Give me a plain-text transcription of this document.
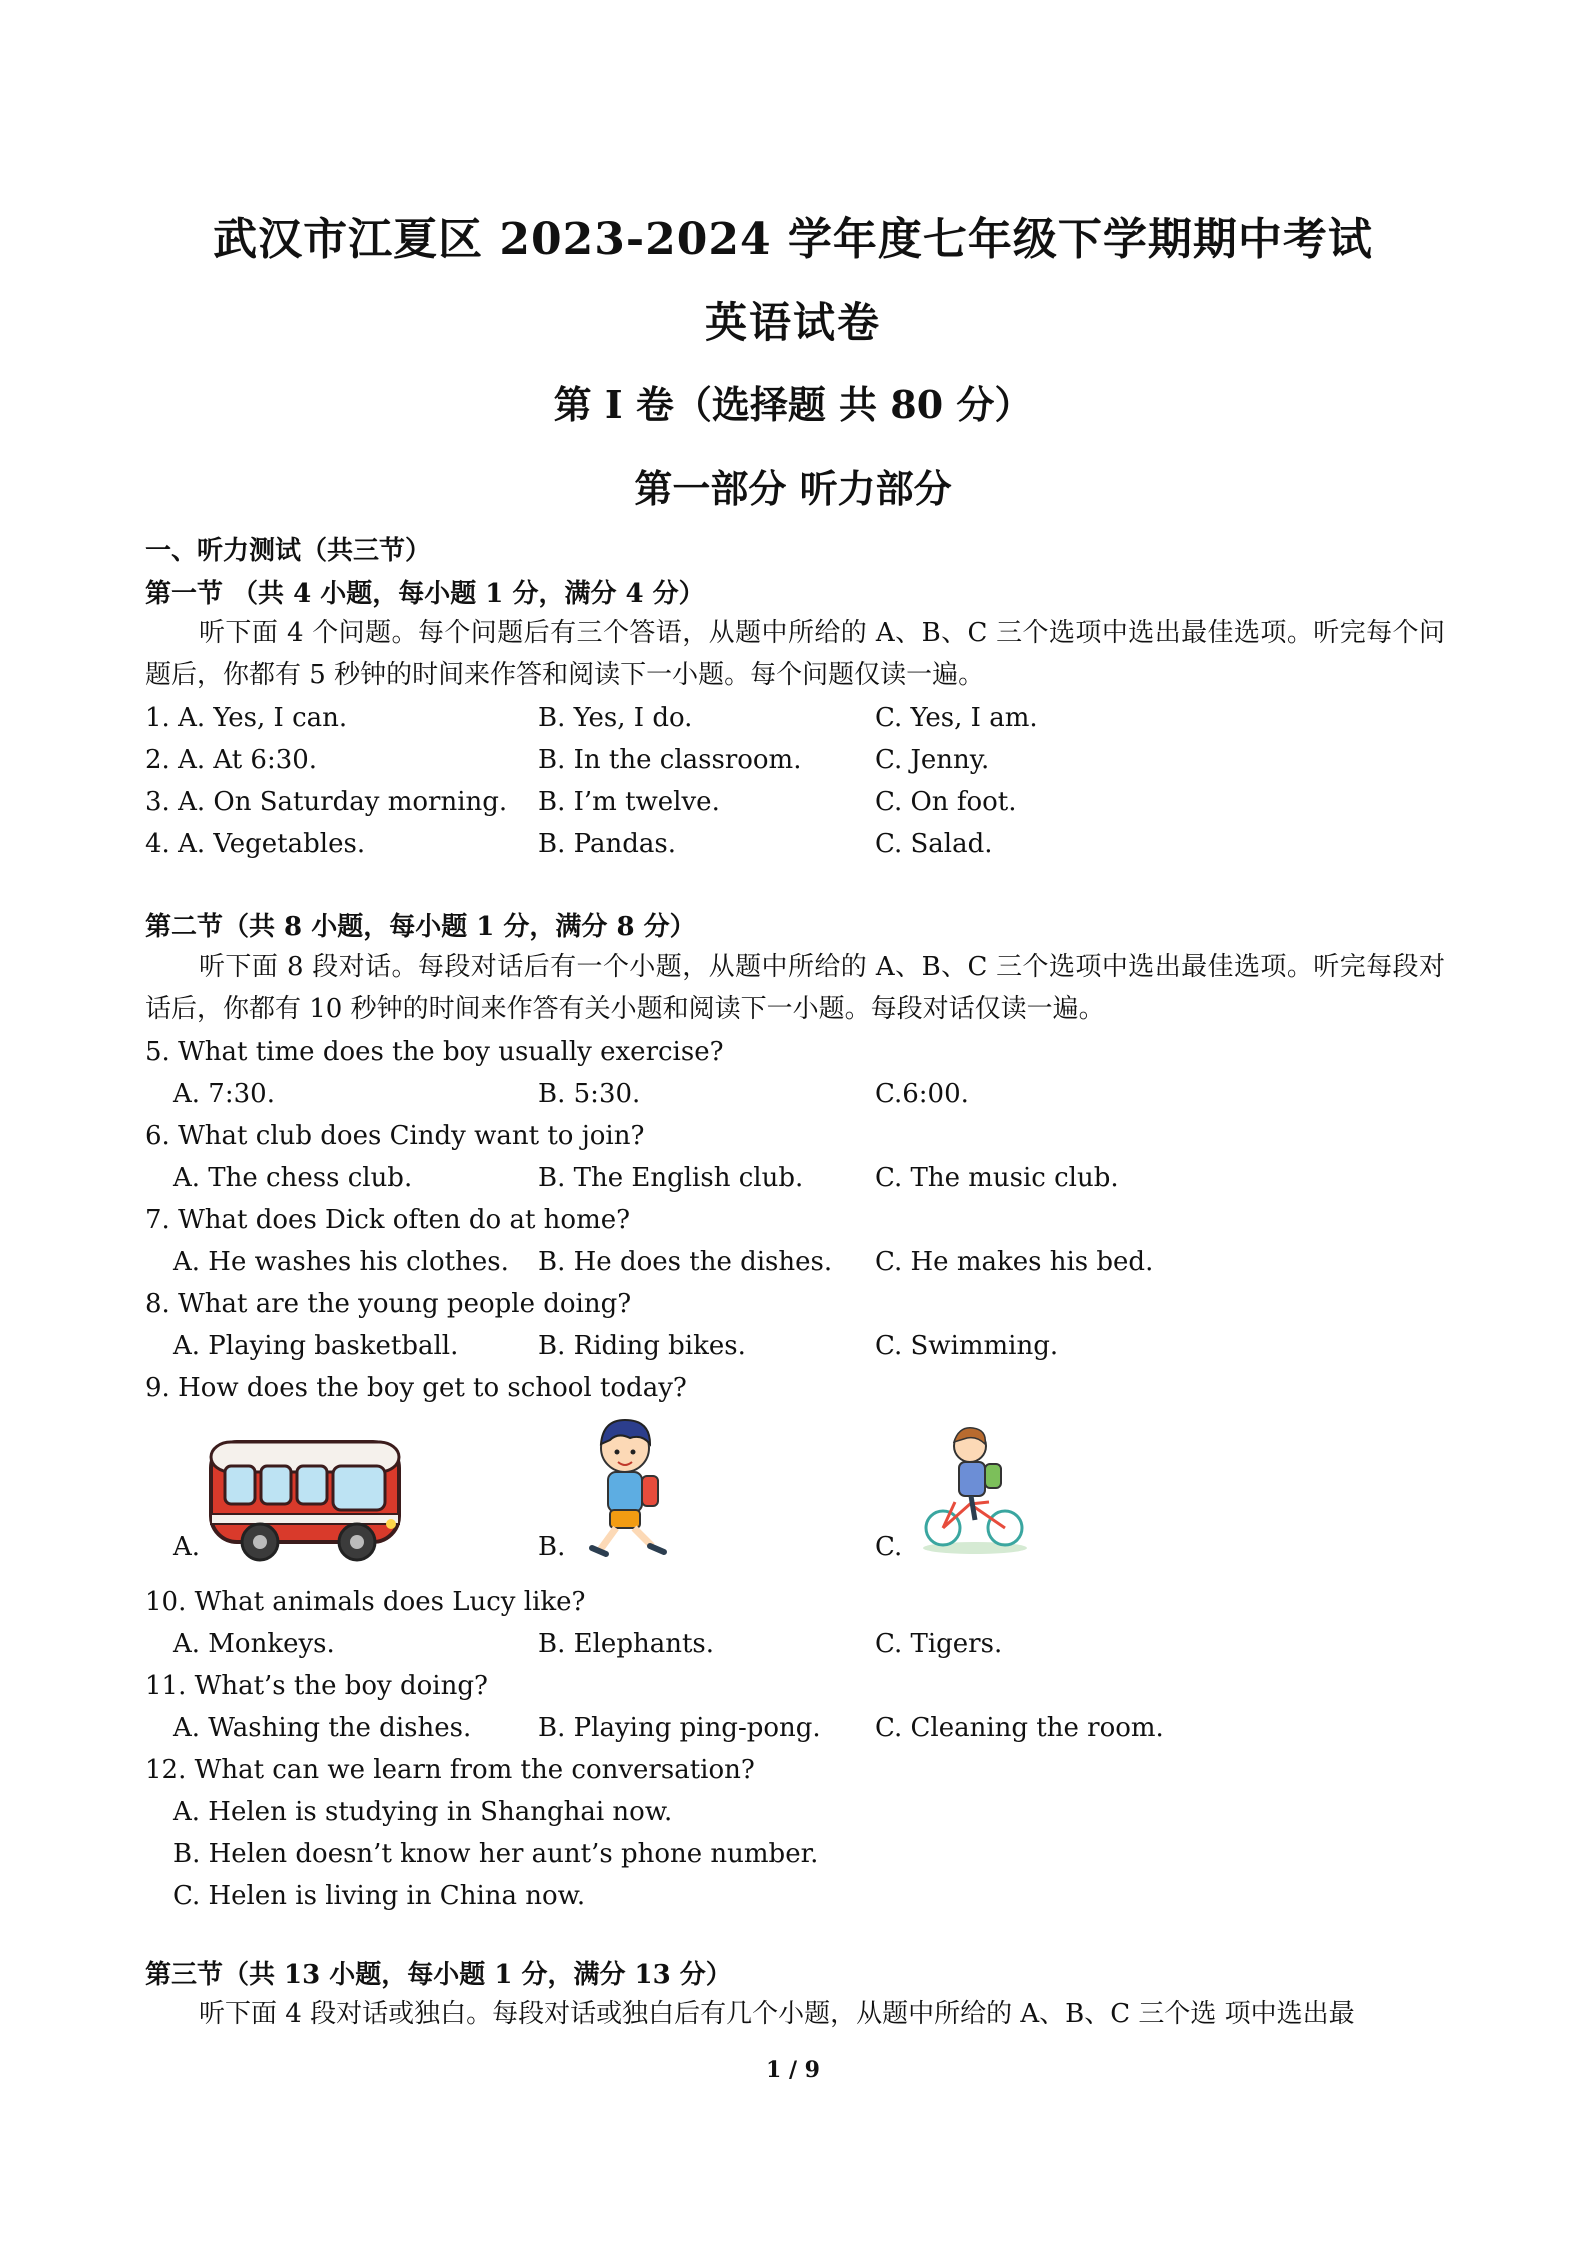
武汉市江夏区 2023-2024 学年度七年级下学期期中考试
英语试卷
第 I 卷（选择题 共 80 分）
第一部分 听力部分
一、听力测试（共三节）
第一节 （共 4 小题，每小题 1 分，满分 4 分）
听下面 4 个问题。每个问题后有三个答语，从题中所给的 A、B、C 三个选项中选出最佳选项。听完每个问题后，你都有 5 秒钟的时间来作答和阅读下一小题。每个问题仅读一遍。
1. A. Yes, I can.	B. Yes, I do.	C. Yes, I am.
2. A. At 6:30.	B. In the classroom.	C. Jenny.
3. A. On Saturday morning. B. I’m twelve.	C. On foot.
4. A. Vegetables.	B. Pandas.	C. Salad.
第二节（共 8 小题，每小题 1 分，满分 8 分）
听下面 8 段对话。每段对话后有一个小题，从题中所给的 A、B、C 三个选项中选出最佳选项。听完每段对话后，你都有 10 秒钟的时间来作答有关小题和阅读下一小题。每段对话仅读一遍。
5. What time does the boy usually exercise?
A. 7:30.	B. 5:30.	C.6:00.
6. What club does Cindy want to join?
A. The chess club.	B. The English club.	C. The music club.
7. What does Dick often do at home?
A. He washes his clothes. B. He does the dishes. C. He makes his bed.
8. What are the young people doing?
A. Playing basketball.	B. Riding bikes.	C. Swimming.
9. How does the boy get to school today?
A.	B.	C.
10. What animals does Lucy like?
A. Monkeys.	B. Elephants.	C. Tigers.
11. What’s the boy doing?
A. Washing the dishes.	B. Playing ping-pong. C. Cleaning the room.
12. What can we learn from the conversation?
A. Helen is studying in Shanghai now.
B. Helen doesn’t know her aunt’s phone number.
C. Helen is living in China now.
第三节（共 13 小题，每小题 1 分，满分 13 分）
听下面 4 段对话或独白。每段对话或独白后有几个小题，从题中所给的 A、B、C 三个选 项中选出最
1 / 9
